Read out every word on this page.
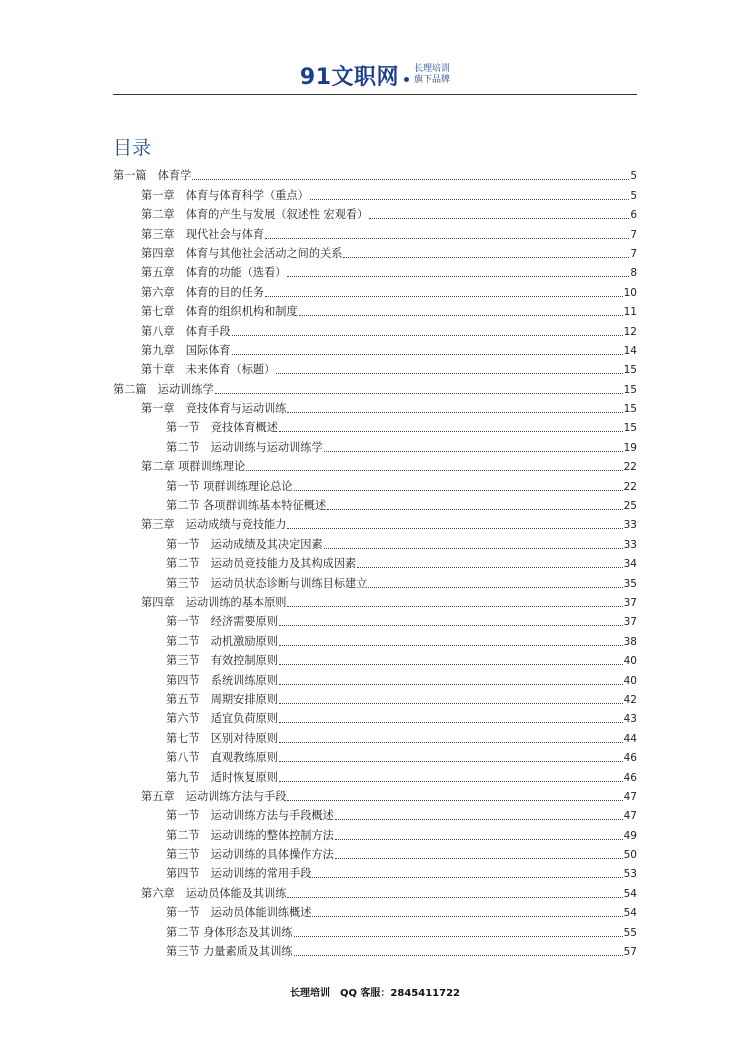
91文职网 长理培训
旗下品牌
目录
第一篇　体育学	5
第一章　体育与体育科学（重点）	5
第二章　体育的产生与发展（叙述性 宏观看）	6
第三章　现代社会与体育	7
第四章　体育与其他社会活动之间的关系	7
第五章　体育的功能（选看）	8
第六章　体育的目的任务	10
第七章　体育的组织机构和制度	11
第八章　体育手段	12
第九章　国际体育	14
第十章　未来体育（标题）	15
第二篇　运动训练学	15
第一章　竞技体育与运动训练	15
第一节　竞技体育概述	15
第二节　运动训练与运动训练学	19
第二章 项群训练理论	22
第一节 项群训练理论总论	22
第二节 各项群训练基本特征概述	25
第三章　运动成绩与竞技能力	33
第一节　运动成绩及其决定因素	33
第二节　运动员竞技能力及其构成因素	34
第三节　运动员状态诊断与训练目标建立	35
第四章　运动训练的基本原则	37
第一节　经济需要原则	37
第二节　动机激励原则	38
第三节　有效控制原则	40
第四节　系统训练原则	40
第五节　周期安排原则	42
第六节　适宜负荷原则	43
第七节　区别对待原则	44
第八节　直观教练原则	46
第九节　适时恢复原则	46
第五章　运动训练方法与手段	47
第一节　运动训练方法与手段概述	47
第二节　运动训练的整体控制方法	49
第三节　运动训练的具体操作方法	50
第四节　运动训练的常用手段	53
第六章　运动员体能及其训练	54
第一节　运动员体能训练概述	54
第二节 身体形态及其训练	55
第三节 力量素质及其训练	57
长理培训　QQ 客服：2845411722
